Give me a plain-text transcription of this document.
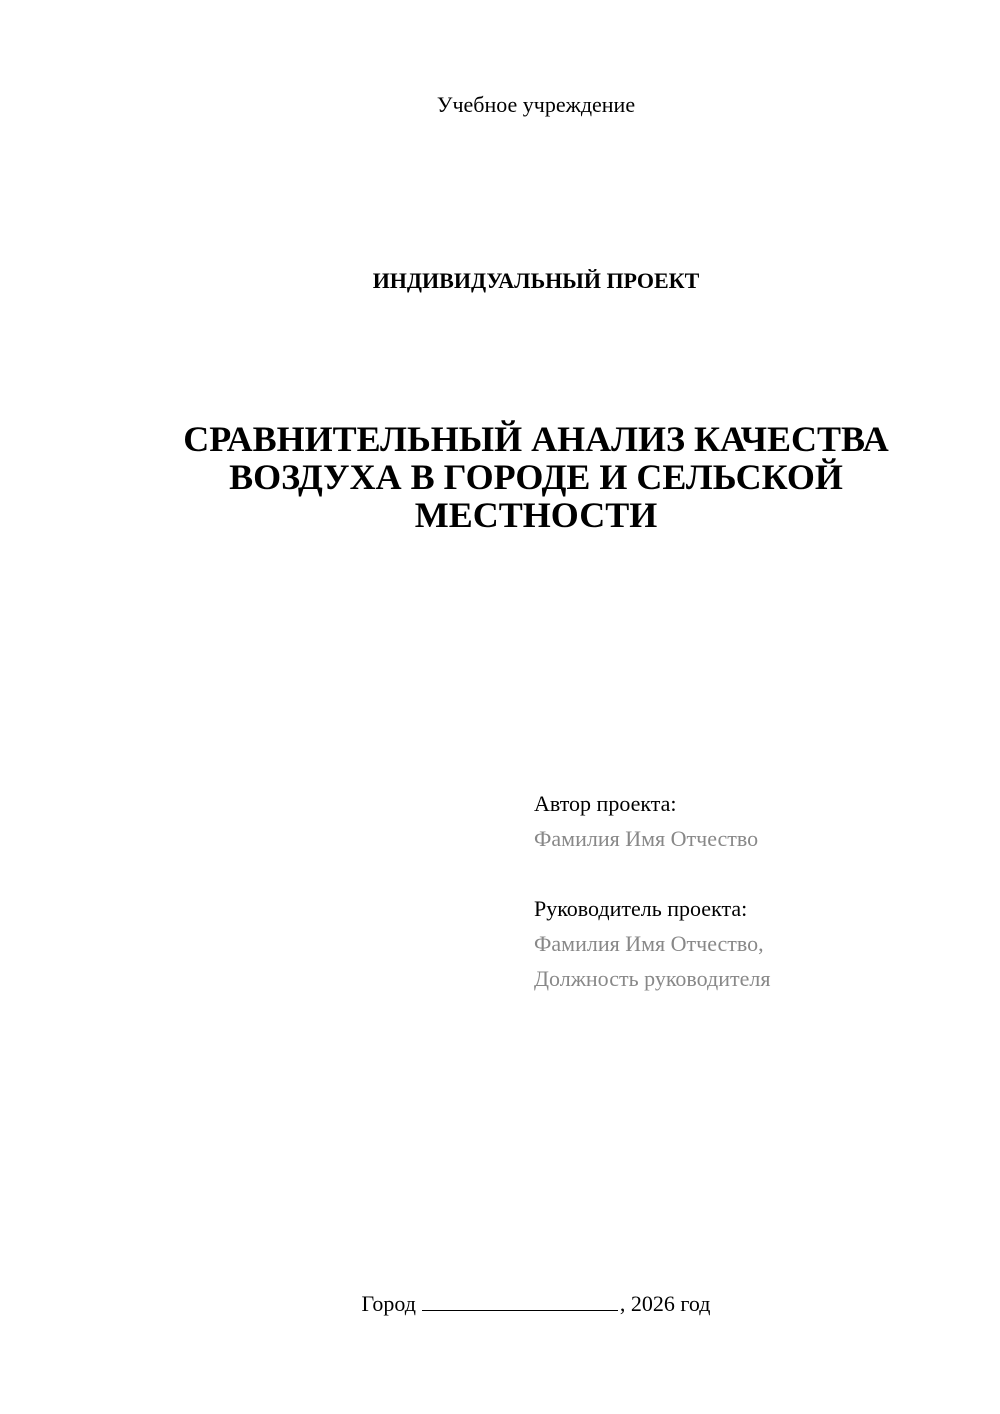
Учебное учреждение
ИНДИВИДУАЛЬНЫЙ ПРОЕКТ
СРАВНИТЕЛЬНЫЙ АНАЛИЗ КАЧЕСТВА
ВОЗДУХА В ГОРОДЕ И СЕЛЬСКОЙ
МЕСТНОСТИ
Автор проекта:
Фамилия Имя Отчество
Руководитель проекта:
Фамилия Имя Отчество,
Должность руководителя
Город	, 2026 год
